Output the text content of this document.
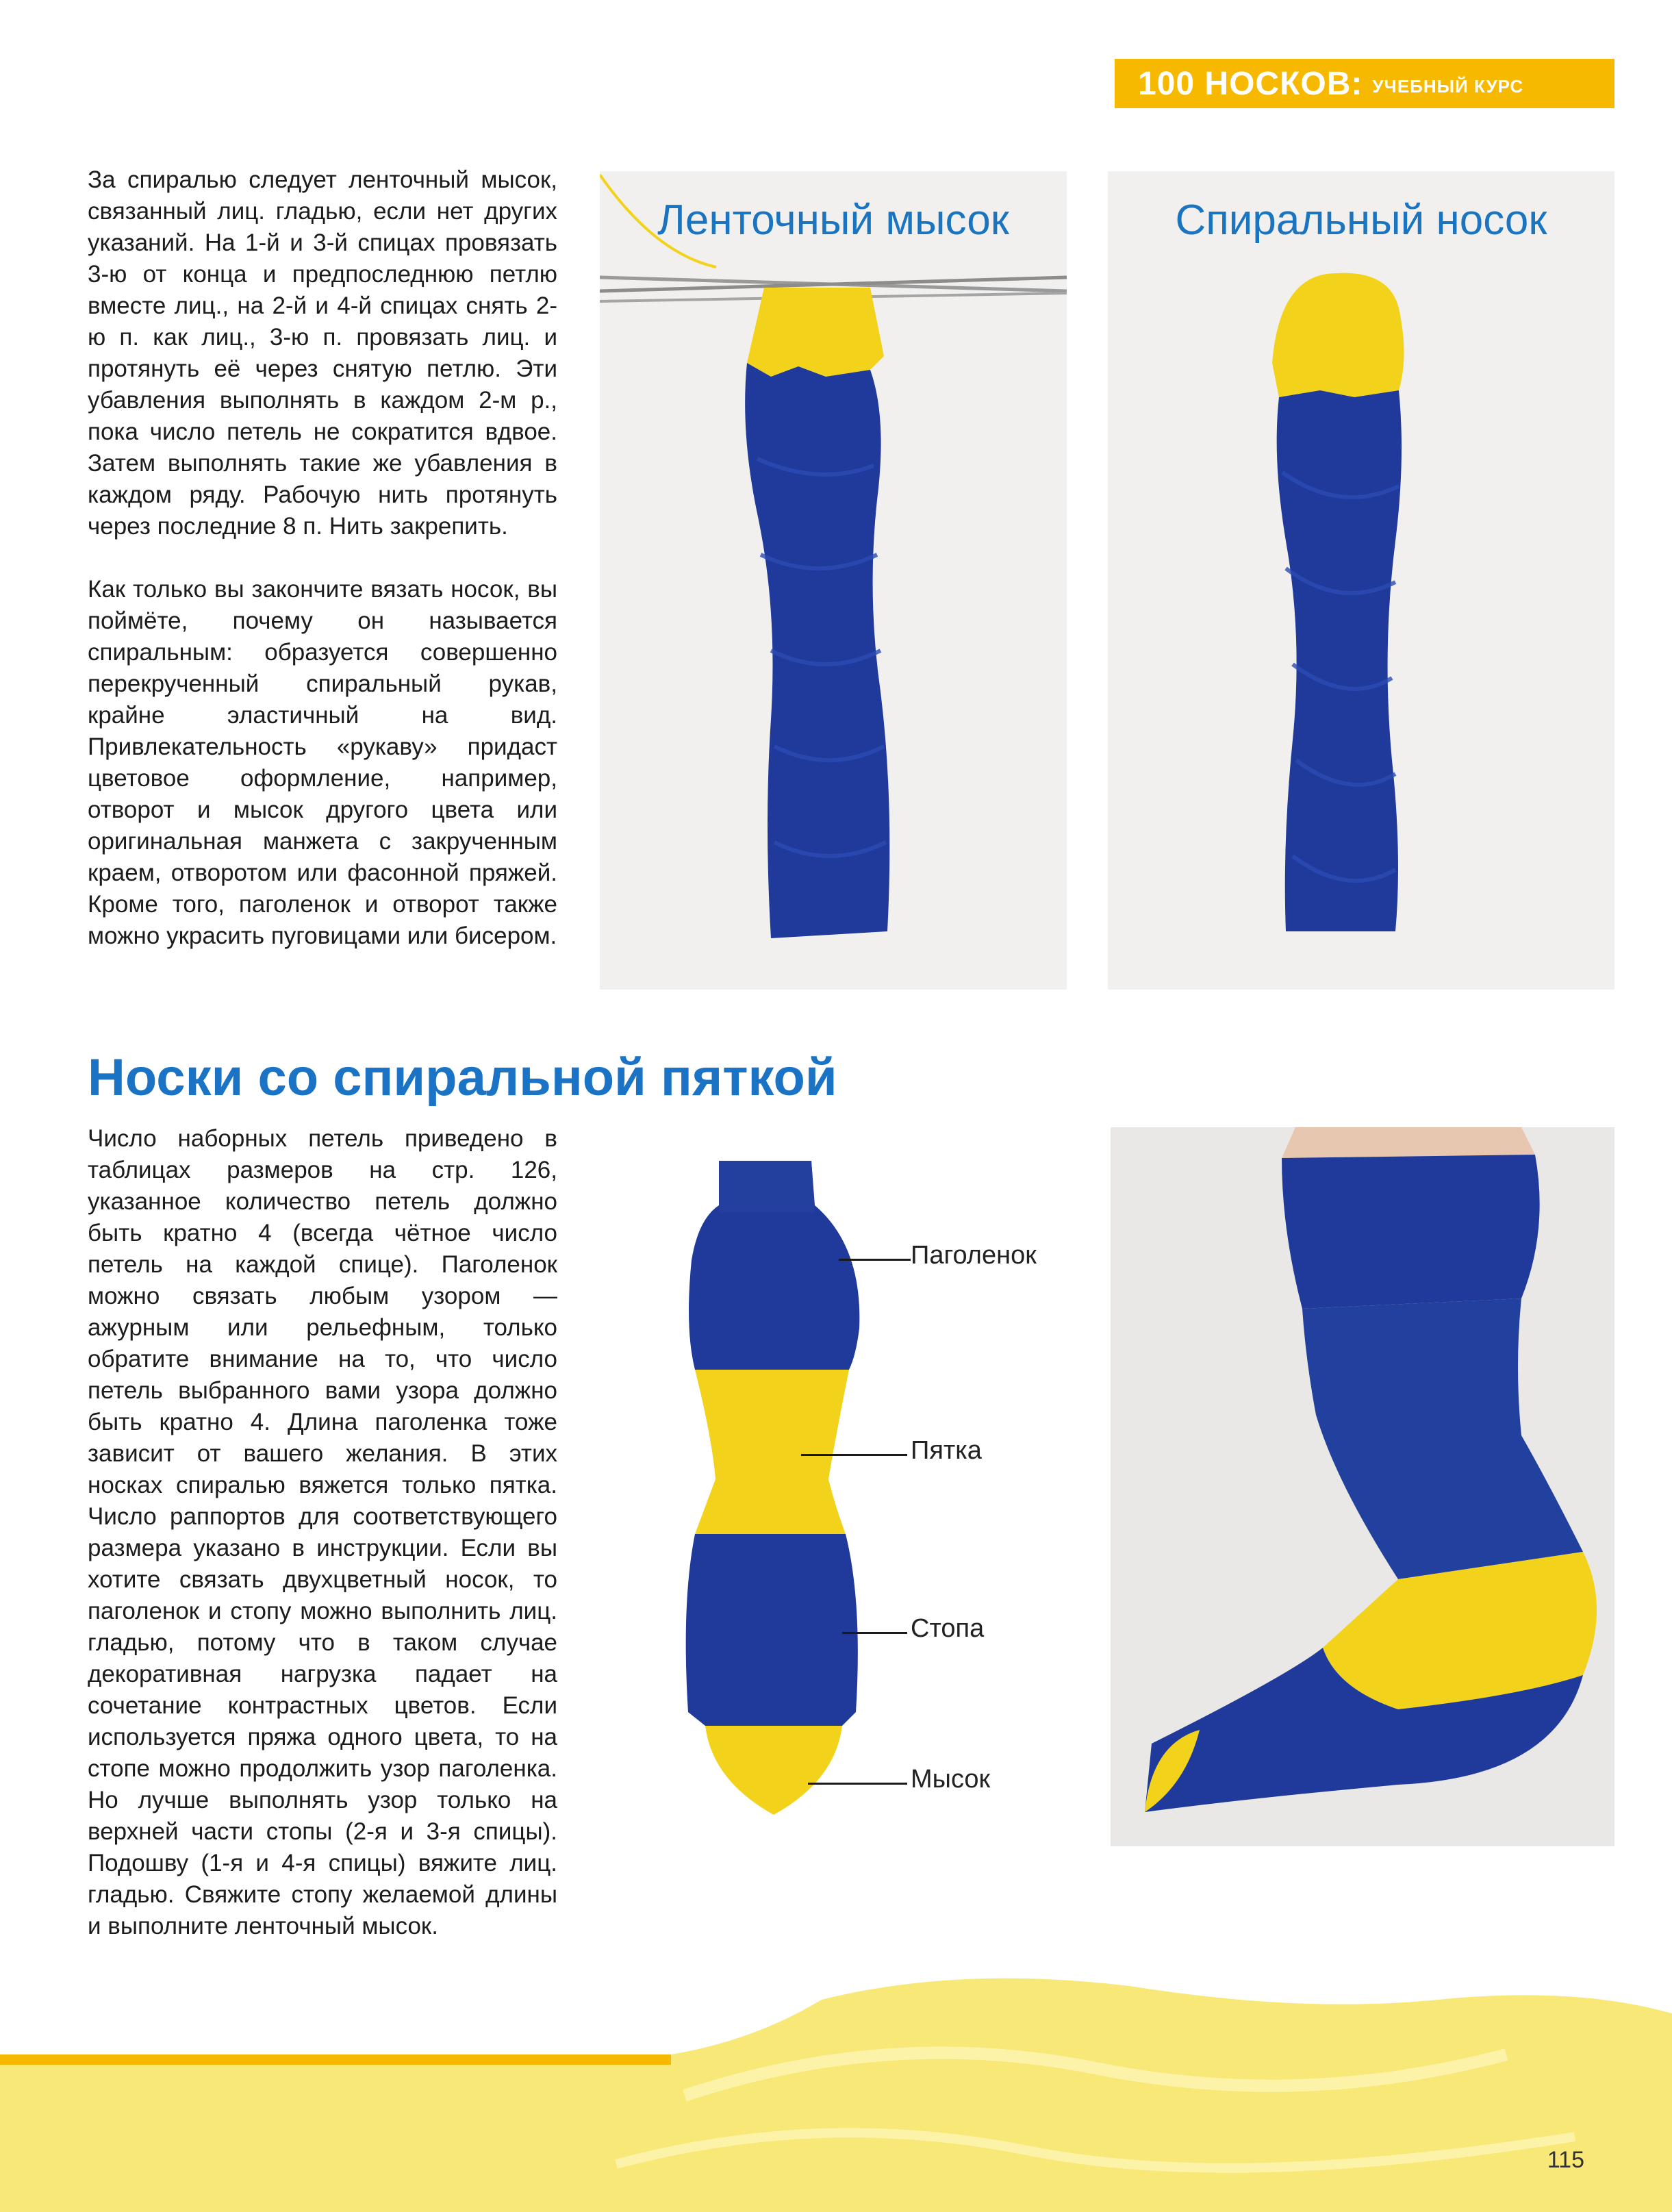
100 НОСКОВ: УЧЕБНЫЙ КУРС

За спиралью следует ленточный мысок, связанный лиц. гладью, если нет других указаний. На 1-й и 3-й спицах провязать 3-ю от конца и предпоследнюю петлю вместе лиц., на 2-й и 4-й спицах снять 2-ю п. как лиц., 3-ю п. провязать лиц. и протянуть её через снятую петлю. Эти убавления выполнять в каждом 2-м р., пока число петель не сократится вдвое. Затем выполнять такие же убавления в каждом ряду. Рабочую нить протянуть через последние 8 п. Нить закрепить.

Как только вы закончите вязать носок, вы поймёте, почему он называется спиральным: образуется совершенно перекрученный спиральный рукав, крайне эластичный на вид. Привлекательность «рукаву» придаст цветовое оформление, например, отворот и мысок другого цвета или оригинальная манжета с закрученным краем, отворотом или фасонной пряжей. Кроме того, паголенок и отворот также можно украсить пуговицами или бисером.

Ленточный мысок	Спиральный носок
Носки со спиральной пяткой

Число наборных петель приведено в таблицах размеров на стр. 126, указанное количество петель должно быть кратно 4 (всегда чётное число петель на каждой спице). Паголенок можно связать любым узором — ажурным или рельефным, только обратите внимание на то, что число петель выбранного вами узора должно быть кратно 4. Длина паголенка тоже зависит от вашего желания. В этих носках спиралью вяжется только пятка. Число раппортов для соответствующего размера указано в инструкции. Если вы хотите связать двухцветный носок, то паголенок и стопу можно выполнить лиц. гладью, потому что в таком случае декоративная нагрузка падает на сочетание контрастных цветов. Если используется пряжа одного цвета, то на стопе можно продолжить узор паголенка. Но лучше выполнять узор только на верхней части стопы (2-я и 3-я спицы). Подошву (1-я и 4-я спицы) вяжите лиц. гладью. Свяжите стопу желаемой длины и выполните ленточный мысок.

Паголенок
Пятка
Стопа
Мысок
115
